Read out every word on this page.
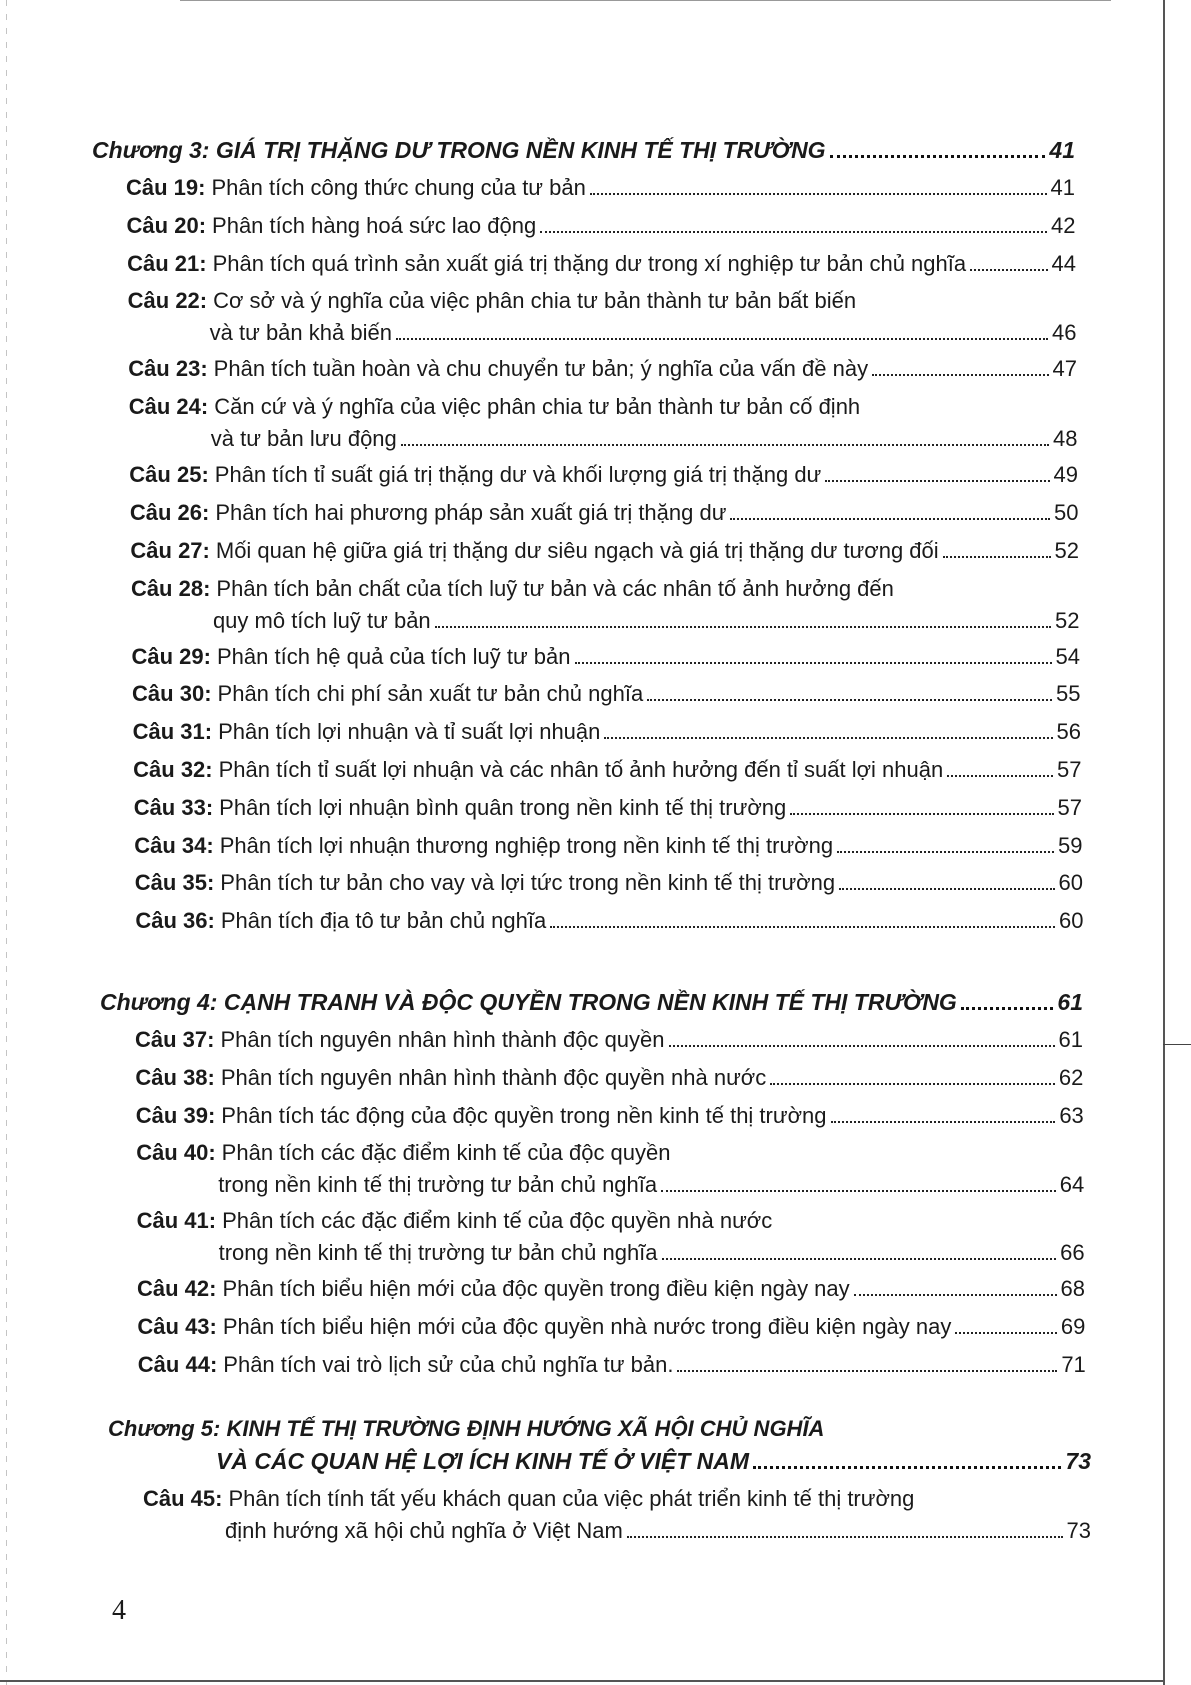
Chương 3: GIÁ TRỊ THẶNG DƯ TRONG NỀN KINH TẾ THỊ TRƯỜNG	41
Câu 19: Phân tích công thức chung của tư bản	41
Câu 20: Phân tích hàng hoá sức lao động	42
Câu 21: Phân tích quá trình sản xuất giá trị thặng dư trong xí nghiệp tư bản chủ nghĩa	44
Câu 22: Cơ sở và ý nghĩa của việc phân chia tư bản thành tư bản bất biến
và tư bản khả biến	46
Câu 23: Phân tích tuần hoàn và chu chuyển tư bản; ý nghĩa của vấn đề này	47
Câu 24: Căn cứ và ý nghĩa của việc phân chia tư bản thành tư bản cố định
và tư bản lưu động	48
Câu 25: Phân tích tỉ suất giá trị thặng dư và khối lượng giá trị thặng dư	49
Câu 26: Phân tích hai phương pháp sản xuất giá trị thặng dư	50
Câu 27: Mối quan hệ giữa giá trị thặng dư siêu ngạch và giá trị thặng dư tương đối	52
Câu 28: Phân tích bản chất của tích luỹ tư bản và các nhân tố ảnh hưởng đến
quy mô tích luỹ tư bản	52
Câu 29: Phân tích hệ quả của tích luỹ tư bản	54
Câu 30: Phân tích chi phí sản xuất tư bản chủ nghĩa	55
Câu 31: Phân tích lợi nhuận và tỉ suất lợi nhuận	56
Câu 32: Phân tích tỉ suất lợi nhuận và các nhân tố ảnh hưởng đến tỉ suất lợi nhuận	57
Câu 33: Phân tích lợi nhuận bình quân trong nền kinh tế thị trường	57
Câu 34: Phân tích lợi nhuận thương nghiệp trong nền kinh tế thị trường	59
Câu 35: Phân tích tư bản cho vay và lợi tức trong nền kinh tế thị trường	60
Câu 36: Phân tích địa tô tư bản chủ nghĩa	60
Chương 4: CẠNH TRANH VÀ ĐỘC QUYỀN TRONG NỀN KINH TẾ THỊ TRƯỜNG	61
Câu 37: Phân tích nguyên nhân hình thành độc quyền	61
Câu 38: Phân tích nguyên nhân hình thành độc quyền nhà nước	62
Câu 39: Phân tích tác động của độc quyền trong nền kinh tế thị trường	63
Câu 40: Phân tích các đặc điểm kinh tế của độc quyền
trong nền kinh tế thị trường tư bản chủ nghĩa	64
Câu 41: Phân tích các đặc điểm kinh tế của độc quyền nhà nước
trong nền kinh tế thị trường tư bản chủ nghĩa	66
Câu 42: Phân tích biểu hiện mới của độc quyền trong điều kiện ngày nay	68
Câu 43: Phân tích biểu hiện mới của độc quyền nhà nước trong điều kiện ngày nay	69
Câu 44: Phân tích vai trò lịch sử của chủ nghĩa tư bản.	71
Chương 5: KINH TẾ THỊ TRƯỜNG ĐỊNH HƯỚNG XÃ HỘI CHỦ NGHĨA
VÀ CÁC QUAN HỆ LỢI ÍCH KINH TẾ Ở VIỆT NAM	73
Câu 45: Phân tích tính tất yếu khách quan của việc phát triển kinh tế thị trường
định hướng xã hội chủ nghĩa ở Việt Nam	73
4
